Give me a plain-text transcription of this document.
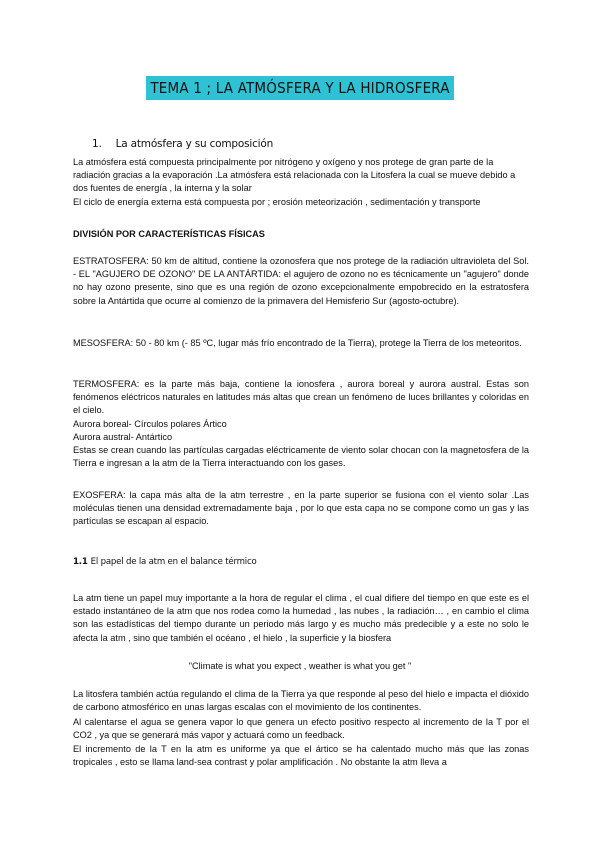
TEMA 1 ; LA ATMÓSFERA Y LA HIDROSFERA
1. La atmósfera y su composición

La atmósfera está compuesta principalmente por nitrógeno y oxígeno y nos protege de gran parte de la radiación gracias a la evaporación .La atmósfera está relacionada con la Litosfera la cual se mueve debido a dos fuentes de energía , la interna y la solar

El ciclo de energía externa está compuesta por ; erosión meteorización , sedimentación y transporte

DIVISIÓN POR CARACTERÍSTICAS FÍSICAS
ESTRATOSFERA: 50 km de altitud, contiene la ozonosfera que nos protege de la radiación ultravioleta del Sol. - EL "AGUJERO DE OZONO" DE LA ANTÁRTIDA: el agujero de ozono no es técnicamente un "agujero" donde no hay ozono presente, sino que es una región de ozono excepcionalmente empobrecido en la estratosfera sobre la Antártida que ocurre al comienzo de la primavera del Hemisferio Sur (agosto-octubre).
MESOSFERA: 50 - 80 km (- 85 ºC, lugar más frío encontrado de la Tierra), protege la Tierra de los meteoritos.

TERMOSFERA: es la parte más baja, contiene la ionosfera , aurora boreal y aurora austral. Estas son fenómenos eléctricos naturales en latitudes más altas que crean un fenómeno de luces brillantes y coloridas en el cielo.

Aurora boreal- Círculos polares Ártico

Aurora austral- Antártico

Estas se crean cuando las partículas cargadas eléctricamente de viento solar chocan con la magnetosfera de la Tierra e ingresan a la atm de la Tierra interactuando con los gases.

EXOSFERA: la capa más alta de la atm terrestre , en la parte superior se fusiona con el viento solar .Las moléculas tienen una densidad extremadamente baja , por lo que esta capa no se compone como un gas y las partículas se escapan al espacio.
1.1 El papel de la atm en el balance térmico
La atm tiene un papel muy importante a la hora de regular el clima , el cual difiere del tiempo en que este es el estado instantáneo de la atm que nos rodea como la humedad , las nubes , la radiación… , en cambio el clima son las estadísticas del tiempo durante un periodo más largo y es mucho más predecible y a este no solo le afecta la atm , sino que también el océano , el hielo , la superficie y la biosfera
"Climate is what you expect , weather is what you get "
La litosfera también actúa regulando el clima de la Tierra ya que responde al peso del hielo e impacta el dióxido de carbono atmosférico en unas largas escalas con el movimiento de los continentes.
Al calentarse el agua se genera vapor lo que genera un efecto positivo respecto al incremento de la T por el CO2 , ya que se generará más vapor y actuará como un feedback.
El incremento de la T en la atm es uniforme ya que el ártico se ha calentado mucho más que las zonas tropicales , esto se llama land-sea contrast y polar amplificación . No obstante la atm lleva a
